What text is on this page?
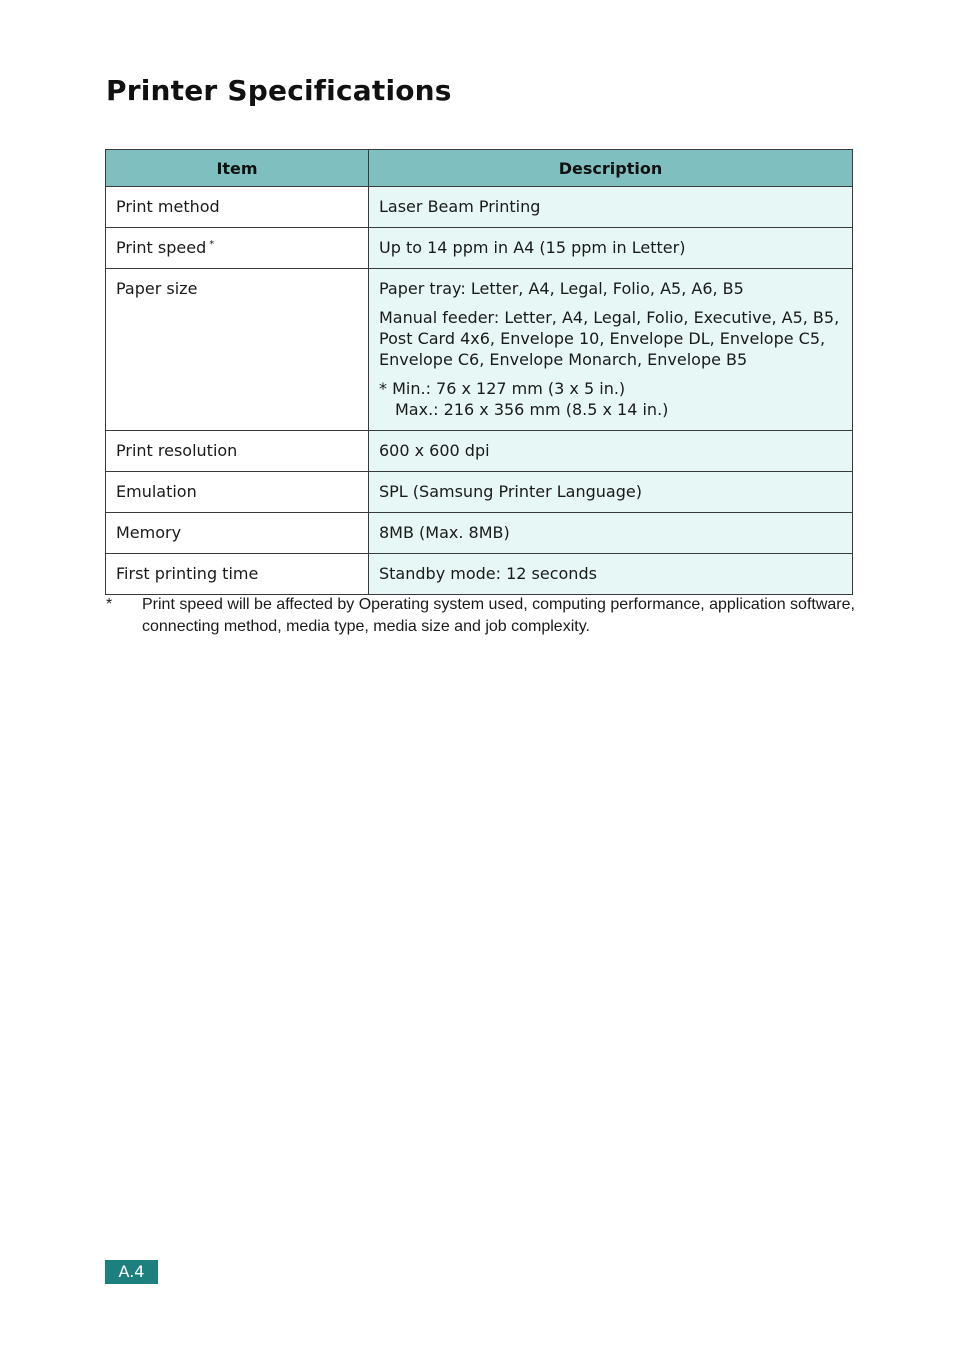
Printer Specifications
Item	Description
Print method	Laser Beam Printing

Print speed *	Up to 14 ppm in A4 (15 ppm in Letter)

Paper size	Paper tray: Letter, A4, Legal, Folio, A5, A6, B5

Manual feeder: Letter, A4, Legal, Folio, Executive, A5, B5, Post Card 4x6, Envelope 10, Envelope DL, Envelope C5, Envelope C6, Envelope Monarch, Envelope B5

* Min.: 76 x 127 mm (3 x 5 in.)

Max.: 216 x 356 mm (8.5 x 14 in.)

Print resolution	600 x 600 dpi

Emulation	SPL (Samsung Printer Language)

Memory	8MB (Max. 8MB)

First printing time	Standby mode: 12 seconds

* Print speed will be affected by Operating system used, computing performance, application software, connecting method, media type, media size and job complexity.
A.4
